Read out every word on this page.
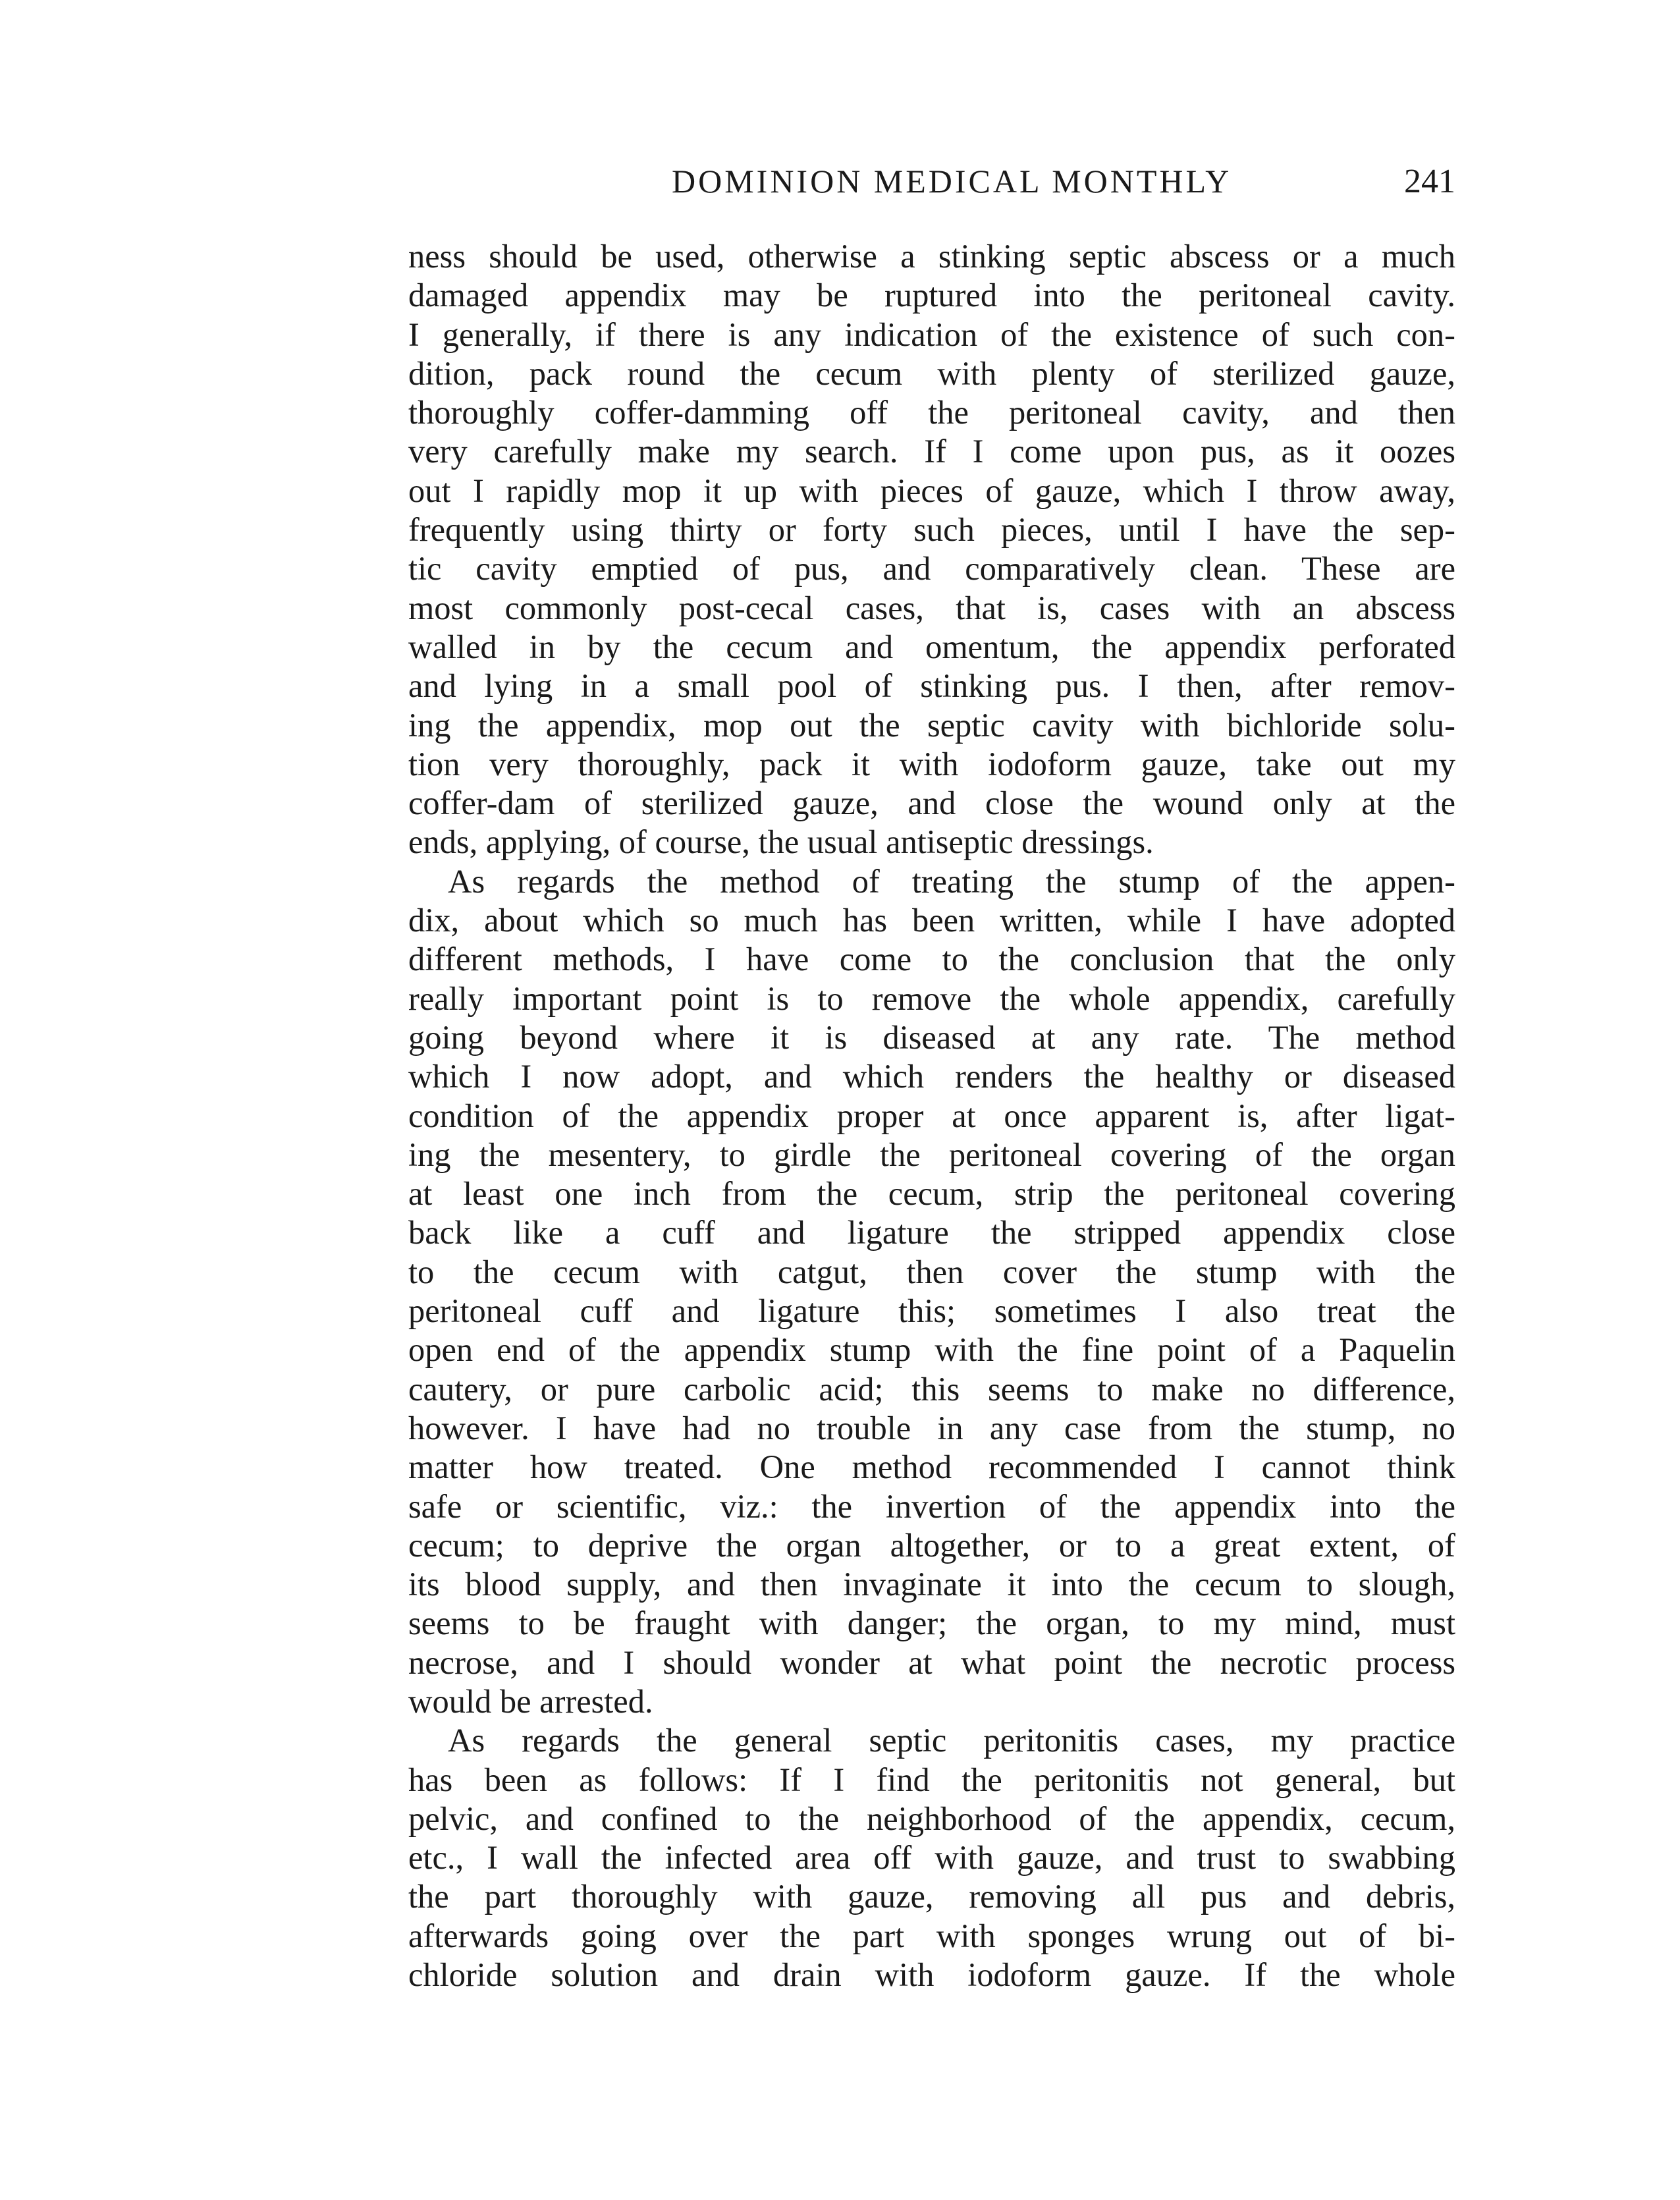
DOMINION MEDICAL MONTHLY	241
ness should be used, otherwise a stinking septic abscess or a much
damaged appendix may be ruptured into the peritoneal cavity.
I generally, if there is any indication of the existence of such con-
dition, pack round the cecum with plenty of sterilized gauze,
thoroughly coffer-damming off the peritoneal cavity, and then
very carefully make my search. If I come upon pus, as it oozes
out I rapidly mop it up with pieces of gauze, which I throw away,
frequently using thirty or forty such pieces, until I have the sep-
tic cavity emptied of pus, and comparatively clean. These are
most commonly post-cecal cases, that is, cases with an abscess
walled in by the cecum and omentum, the appendix perforated
and lying in a small pool of stinking pus. I then, after remov-
ing the appendix, mop out the septic cavity with bichloride solu-
tion very thoroughly, pack it with iodoform gauze, take out my
coffer-dam of sterilized gauze, and close the wound only at the
ends, applying, of course, the usual antiseptic dressings.
As regards the method of treating the stump of the appen-
dix, about which so much has been written, while I have adopted
different methods, I have come to the conclusion that the only
really important point is to remove the whole appendix, carefully
going beyond where it is diseased at any rate. The method
which I now adopt, and which renders the healthy or diseased
condition of the appendix proper at once apparent is, after ligat-
ing the mesentery, to girdle the peritoneal covering of the organ
at least one inch from the cecum, strip the peritoneal covering
back like a cuff and ligature the stripped appendix close
to the cecum with catgut, then cover the stump with the
peritoneal cuff and ligature this; sometimes I also treat the
open end of the appendix stump with the fine point of a Paquelin
cautery, or pure carbolic acid; this seems to make no difference,
however. I have had no trouble in any case from the stump, no
matter how treated. One method recommended I cannot think
safe or scientific, viz.: the invertion of the appendix into the
cecum; to deprive the organ altogether, or to a great extent, of
its blood supply, and then invaginate it into the cecum to slough,
seems to be fraught with danger; the organ, to my mind, must
necrose, and I should wonder at what point the necrotic process
would be arrested.
As regards the general septic peritonitis cases, my practice
has been as follows: If I find the peritonitis not general, but
pelvic, and confined to the neighborhood of the appendix, cecum,
etc., I wall the infected area off with gauze, and trust to swabbing
the part thoroughly with gauze, removing all pus and debris,
afterwards going over the part with sponges wrung out of bi-
chloride solution and drain with iodoform gauze. If the whole
